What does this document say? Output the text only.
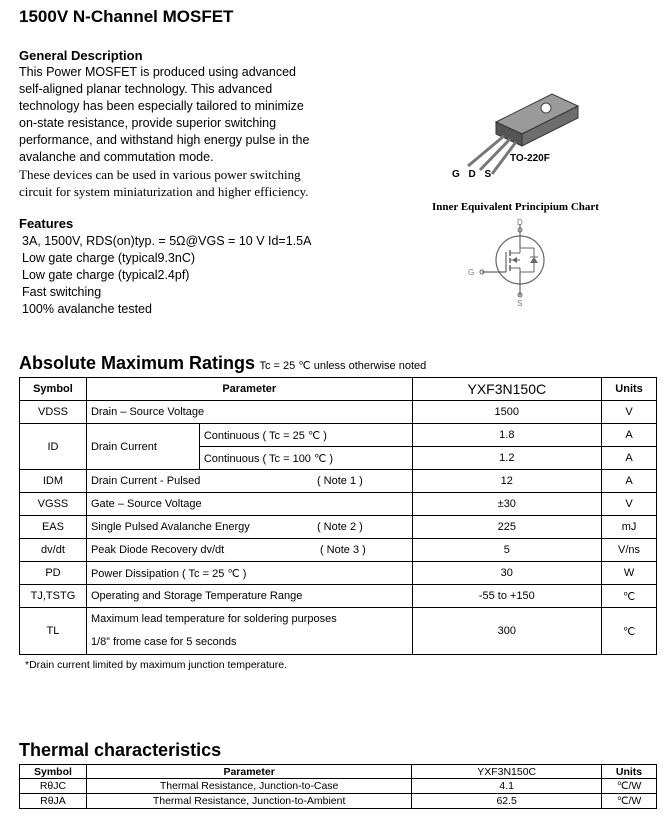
1500V N-Channel MOSFET
General Description
This Power MOSFET is produced using advanced
self-aligned planar technology. This advanced
technology has been especially tailored to minimize
on-state resistance, provide superior switching
performance, and withstand high energy pulse in the
avalanche and commutation mode.
These devices can be used in various power switching
circuit for system miniaturization and higher efficiency.
TO-220F
G D S
Inner Equivalent Principium Chart
D
G
S
Features
3A, 1500V, RDS(on)typ. = 5Ω@VGS = 10 V Id=1.5A
Low gate charge (typical9.3nC)
Low gate charge (typical2.4pf)
Fast switching
100% avalanche tested
Absolute Maximum Ratings Tc = 25 ℃ unless otherwise noted
Symbol	Parameter		YXF3N150C	Units
VDSS	Drain – Source Voltage		1500	V
ID	Drain Current	Continuous ( Tc = 25 ℃ )	1.8	A
		Continuous ( Tc = 100 ℃ )	1.2	A
IDM	Drain Current - Pulsed ( Note 1 )		12	A
VGSS	Gate – Source Voltage		±30	V
EAS	Single Pulsed Avalanche Energy ( Note 2 )		225	mJ
dv/dt	Peak Diode Recovery dv/dt ( Note 3 )		5	V/ns
PD	Power Dissipation ( Tc = 25 ℃ )		30	W
TJ,TSTG	Operating and Storage Temperature Range		-55 to +150	℃
TL	Maximum lead temperature for soldering purposes
1/8” frome case for 5 seconds		300	℃
*Drain current limited by maximum junction temperature.
Thermal characteristics
Symbol	Parameter	YXF3N150C	Units
RθJC	Thermal Resistance, Junction-to-Case	4.1	℃/W
RθJA	Thermal Resistance, Junction-to-Ambient	62.5	℃/W
